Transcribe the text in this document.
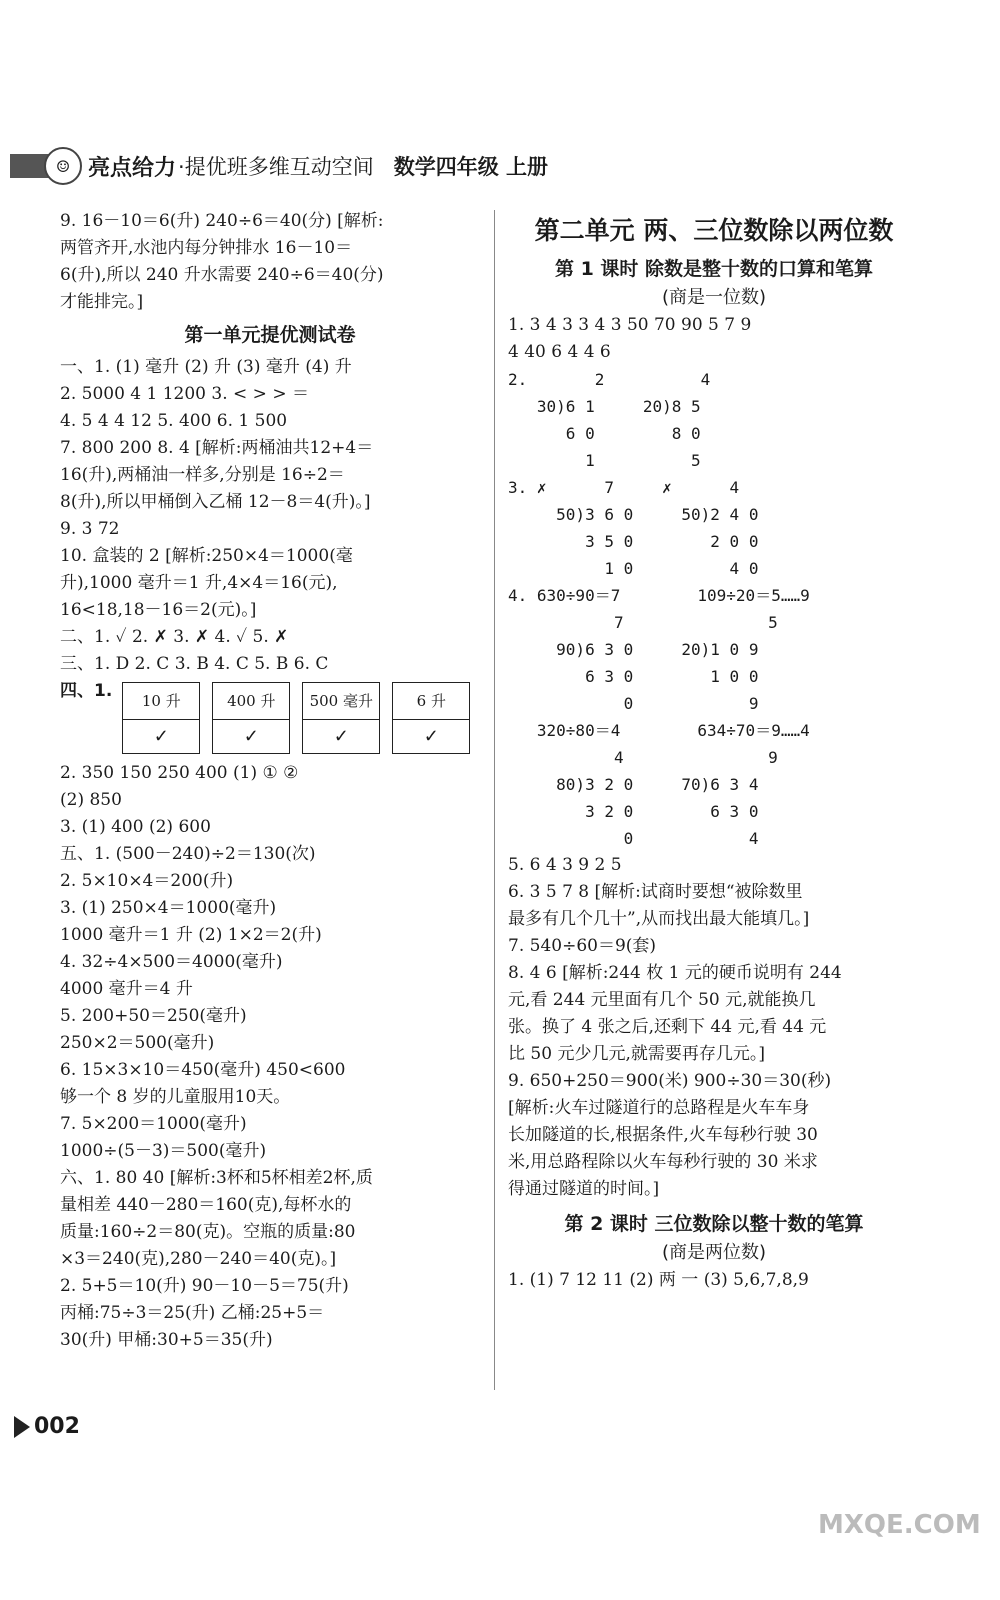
☺ 亮点给力 ·提优班多维互动空间 数学四年级 上册
9. 16－10＝6(升) 240÷6＝40(分) [解析:
两管齐开,水池内每分钟排水 16－10＝
6(升),所以 240 升水需要 240÷6＝40(分)
才能排完。]
第一单元提优测试卷
一、1. (1) 毫升 (2) 升 (3) 毫升 (4) 升
2. 5000 4 1 1200 3. < > > ＝
4. 5 4 4 12 5. 400 6. 1 500
7. 800 200 8. 4 [解析:两桶油共12+4＝
16(升),两桶油一样多,分别是 16÷2＝
8(升),所以甲桶倒入乙桶 12－8＝4(升)。]
9. 3 72
10. 盒装的 2 [解析:250×4＝1000(毫
升),1000 毫升＝1 升,4×4＝16(元),
16<18,18－16＝2(元)。]
二、1. ✓ 2. ✗ 3. ✗ 4. ✓ 5. ✗
三、1. D 2. C 3. B 4. C 5. B 6. C
四、1.	10 升
✓
400 升
✓
500 毫升
✓
6 升
✓
2. 350 150 250 400 (1) ① ②
(2) 850
3. (1) 400 (2) 600
五、1. (500－240)÷2＝130(次)
2. 5×10×4＝200(升)
3. (1) 250×4＝1000(毫升)
1000 毫升＝1 升 (2) 1×2＝2(升)
4. 32÷4×500＝4000(毫升)
4000 毫升＝4 升
5. 200+50＝250(毫升)
250×2＝500(毫升)
6. 15×3×10＝450(毫升) 450<600
够一个 8 岁的儿童服用10天。
7. 5×200＝1000(毫升)
1000÷(5－3)＝500(毫升)
六、1. 80 40 [解析:3杯和5杯相差2杯,质
量相差 440－280＝160(克),每杯水的
质量:160÷2＝80(克)。空瓶的质量:80
×3＝240(克),280－240＝40(克)。]
2. 5+5＝10(升) 90－10－5＝75(升)
丙桶:75÷3＝25(升) 乙桶:25+5＝
30(升) 甲桶:30+5＝35(升)
第二单元 两、三位数除以两位数
第 1 课时 除数是整十数的口算和笔算
(商是一位数)
1. 3 4 3 3 4 3 50 70 90 5 7 9
4 40 6 4 4 6
2.       2          4
30)6 1     20)8 5
6 0        8 0
1          5
3. ✗      7     ✗      4
50)3 6 0     50)2 4 0
3 5 0        2 0 0
1 0          4 0
4. 630÷90＝7        109÷20＝5……9
7               5
90)6 3 0     20)1 0 9
6 3 0        1 0 0
0            9
320÷80＝4        634÷70＝9……4
4               9
80)3 2 0     70)6 3 4
3 2 0        6 3 0
0            4
5. 6 4 3 9 2 5
6. 3 5 7 8 [解析:试商时要想“被除数里
最多有几个几十”,从而找出最大能填几。]
7. 540÷60＝9(套)
8. 4 6 [解析:244 枚 1 元的硬币说明有 244
元,看 244 元里面有几个 50 元,就能换几
张。换了 4 张之后,还剩下 44 元,看 44 元
比 50 元少几元,就需要再存几元。]
9. 650+250＝900(米) 900÷30＝30(秒)
[解析:火车过隧道行的总路程是火车车身
长加隧道的长,根据条件,火车每秒行驶 30
米,用总路程除以火车每秒行驶的 30 米求
得通过隧道的时间。]
第 2 课时 三位数除以整十数的笔算
(商是两位数)
1. (1) 7 12 11 (2) 两 一 (3) 5,6,7,8,9
002
MXQE.COM
